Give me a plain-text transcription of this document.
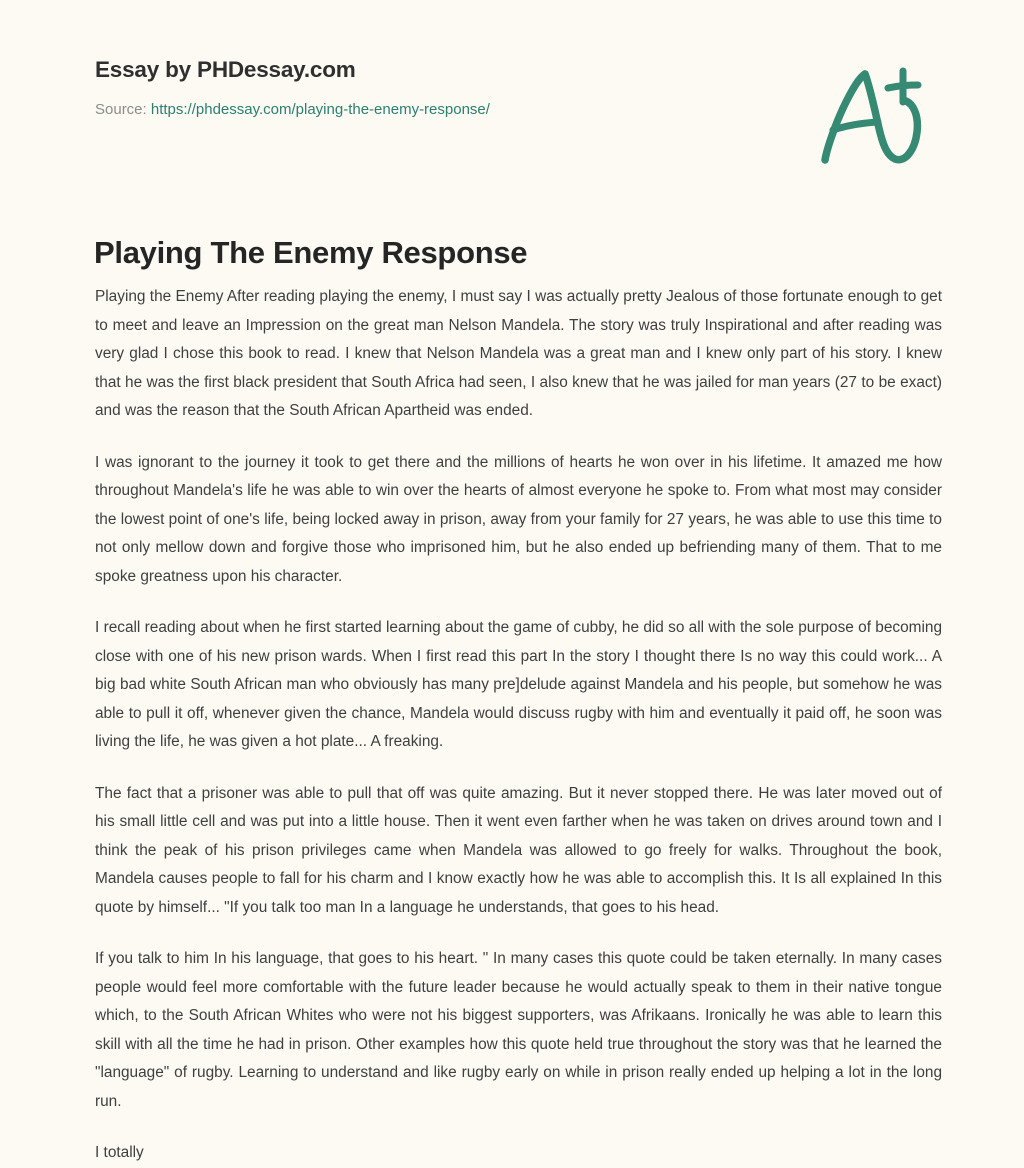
Essay by PHDessay.com
Source: https://phdessay.com/playing-the-enemy-response/
Playing The Enemy Response

Playing the Enemy After reading playing the enemy, I must say I was actually pretty Jealous of those fortunate enough to get to meet and leave an Impression on the great man Nelson Mandela. The story was truly Inspirational and after reading was very glad I chose this book to read. I knew that Nelson Mandela was a great man and I knew only part of his story. I knew that he was the first black president that South Africa had seen, I also knew that he was jailed for man years (27 to be exact) and was the reason that the South African Apartheid was ended.

I was ignorant to the journey it took to get there and the millions of hearts he won over in his lifetime. It amazed me how throughout Mandela's life he was able to win over the hearts of almost everyone he spoke to. From what most may consider the lowest point of one's life, being locked away in prison, away from your family for 27 years, he was able to use this time to not only mellow down and forgive those who imprisoned him, but he also ended up befriending many of them. That to me spoke greatness upon his character.

I recall reading about when he first started learning about the game of cubby, he did so all with the sole purpose of becoming close with one of his new prison wards. When I first read this part In the story I thought there Is no way this could work... A big bad white South African man who obviously has many pre]delude against Mandela and his people, but somehow he was able to pull it off, whenever given the chance, Mandela would discuss rugby with him and eventually it paid off, he soon was living the life, he was given a hot plate... A freaking.

The fact that a prisoner was able to pull that off was quite amazing. But it never stopped there. He was later moved out of his small little cell and was put into a little house. Then it went even farther when he was taken on drives around town and I think the peak of his prison privileges came when Mandela was allowed to go freely for walks. Throughout the book, Mandela causes people to fall for his charm and I know exactly how he was able to accomplish this. It Is all explained In this quote by himself... "If you talk too man In a language he understands, that goes to his head.

If you talk to him In his language, that goes to his heart. " In many cases this quote could be taken eternally. In many cases people would feel more comfortable with the future leader because he would actually speak to them in their native tongue which, to the South African Whites who were not his biggest supporters, was Afrikaans. Ironically he was able to learn this skill with all the time he had in prison. Other examples how this quote held true throughout the story was that he learned the "language" of rugby. Learning to understand and like rugby early on while in prison really ended up helping a lot in the long run.

I totally
